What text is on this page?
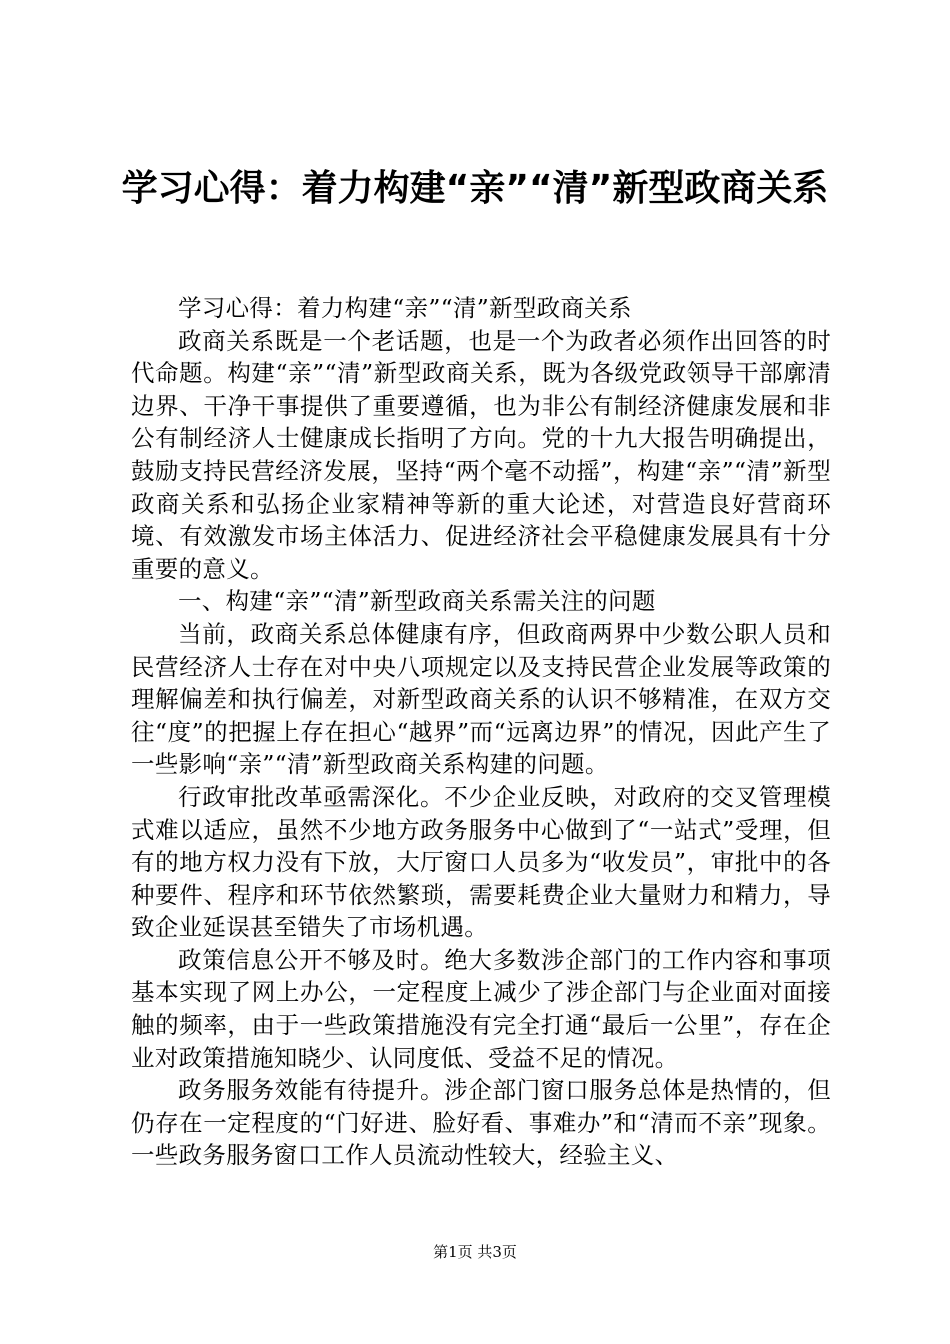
学习心得：着力构建“亲”“清”新型政商关系

学习心得：着力构建“亲”“清”新型政商关系

政商关系既是一个老话题，也是一个为政者必须作出回答的时代命题。构建“亲”“清”新型政商关系，既为各级党政领导干部廓清边界、干净干事提供了重要遵循，也为非公有制经济健康发展和非公有制经济人士健康成长指明了方向。党的十九大报告明确提出，鼓励支持民营经济发展，坚持“两个毫不动摇”，构建“亲”“清”新型政商关系和弘扬企业家精神等新的重大论述，对营造良好营商环境、有效激发市场主体活力、促进经济社会平稳健康发展具有十分重要的意义。

一、构建“亲”“清”新型政商关系需关注的问题

当前，政商关系总体健康有序，但政商两界中少数公职人员和民营经济人士存在对中央八项规定以及支持民营企业发展等政策的理解偏差和执行偏差，对新型政商关系的认识不够精准，在双方交往“度”的把握上存在担心“越界”而“远离边界”的情况，因此产生了一些影响“亲”“清”新型政商关系构建的问题。

行政审批改革亟需深化。不少企业反映，对政府的交叉管理模式难以适应，虽然不少地方政务服务中心做到了“一站式”受理，但有的地方权力没有下放，大厅窗口人员多为“收发员”，审批中的各种要件、程序和环节依然繁琐，需要耗费企业大量财力和精力，导致企业延误甚至错失了市场机遇。

政策信息公开不够及时。绝大多数涉企部门的工作内容和事项基本实现了网上办公，一定程度上减少了涉企部门与企业面对面接触的频率，由于一些政策措施没有完全打通“最后一公里”，存在企业对政策措施知晓少、认同度低、受益不足的情况。

政务服务效能有待提升。涉企部门窗口服务总体是热情的，但仍存在一定程度的“门好进、脸好看、事难办”和“清而不亲”现象。一些政务服务窗口工作人员流动性较大，经验主义、

第1页 共3页
